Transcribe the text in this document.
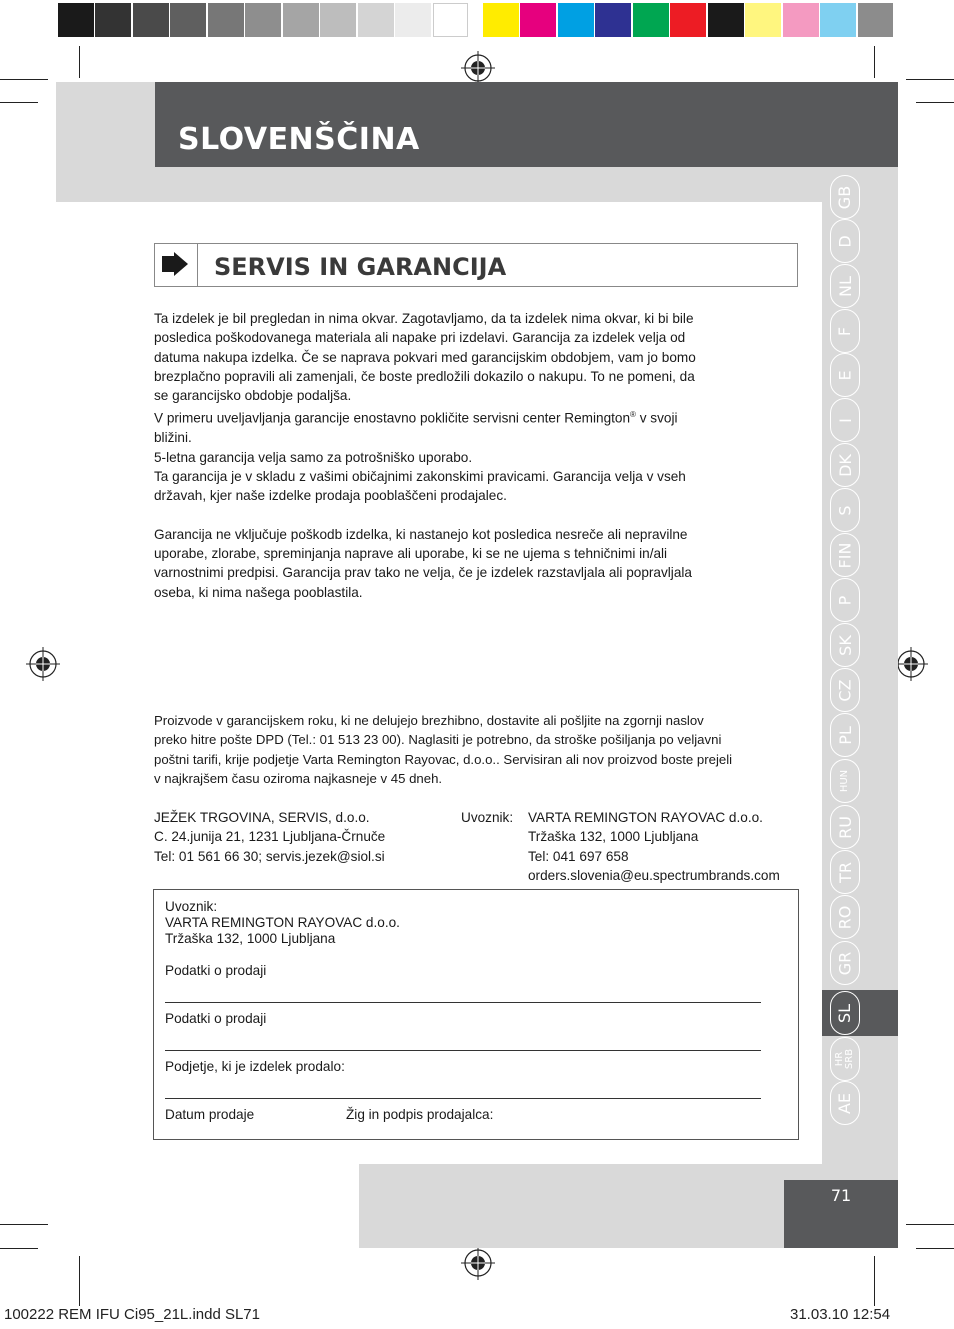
SLOVENŠČINA
GB
D
NL
F
E
I
DK
S
FIN
P
SK
CZ
PL
HUN
RU
TR
RO
GR
SL
HR SRB
AE
SERVIS IN GARANCIJA

Ta izdelek je bil pregledan in nima okvar. Zagotavljamo, da ta izdelek nima okvar, ki bi bile

posledica poškodovanega materiala ali napake pri izdelavi. Garancija za izdelek velja od

datuma nakupa izdelka. Če se naprava pokvari med garancijskim obdobjem, vam jo bomo

brezplačno popravili ali zamenjali, če boste predložili dokazilo o nakupu. To ne pomeni, da

se garancijsko obdobje podaljša.

V primeru uveljavljanja garancije enostavno pokličite servisni center Remington® v svoji

bližini.

5-letna garancija velja samo za potrošniško uporabo.

Ta garancija je v skladu z vašimi običajnimi zakonskimi pravicami. Garancija velja v vseh

državah, kjer naše izdelke prodaja pooblaščeni prodajalec.

Garancija ne vključuje poškodb izdelka, ki nastanejo kot posledica nesreče ali nepravilne

uporabe, zlorabe, spreminjanja naprave ali uporabe, ki se ne ujema s tehničnimi in/ali

varnostnimi predpisi. Garancija prav tako ne velja, če je izdelek razstavljala ali popravljala

oseba, ki nima našega pooblastila.

Proizvode v garancijskem roku, ki ne delujejo brezhibno, dostavite ali pošljite na zgornji naslov

preko hitre pošte DPD (Tel.: 01 513 23 00). Naglasiti je potrebno, da stroške pošiljanja po veljavni

poštni tarifi, krije podjetje Varta Remington Rayovac, d.o.o.. Servisiran ali nov proizvod boste prejeli

v najkrajšem času oziroma najkasneje v 45 dneh.

JEŽEK TRGOVINA, SERVIS, d.o.o.
C. 24.junija 21, 1231 Ljubljana-Črnuče
Tel: 01 561 66 30; servis.jezek@siol.si
Uvoznik: VARTA REMINGTON RAYOVAC d.o.o.
Tržaška 132, 1000 Ljubljana
Tel: 041 697 658
orders.slovenia@eu.spectrumbrands.com
Uvoznik:
VARTA REMINGTON RAYOVAC d.o.o.
Tržaška 132, 1000 Ljubljana
Podatki o prodaji
Podatki o prodaji
Podjetje, ki je izdelek prodalo:
Datum prodaje	Žig in podpis prodajalca:
71
100222 REM IFU Ci95_21L.indd SL71	31.03.10 12:54
